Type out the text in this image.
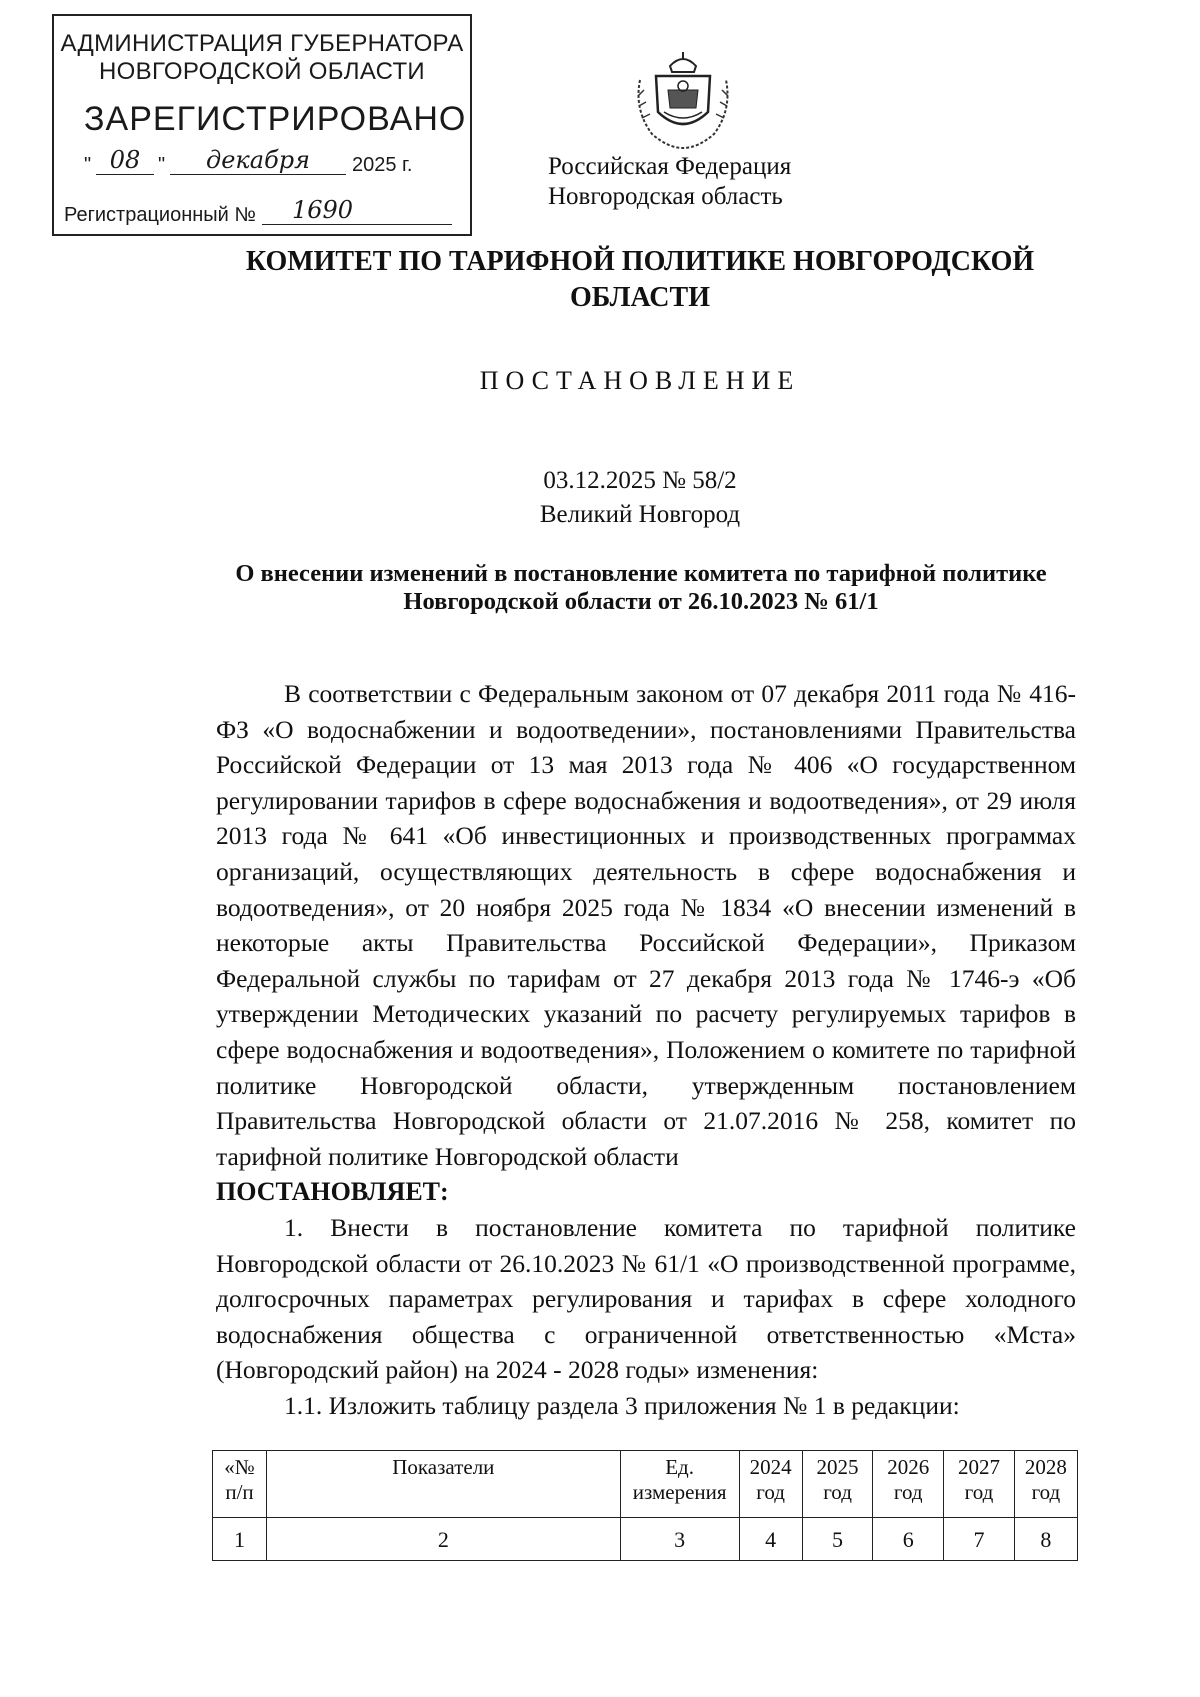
АДМИНИСТРАЦИЯ ГУБЕРНАТОРА
НОВГОРОДСКОЙ ОБЛАСТИ
ЗАРЕГИСТРИРОВАНО
" 08 "	декабря	2025 г.
Регистрационный №	1690
Российская Федерация
Новгородская область
КОМИТЕТ ПО ТАРИФНОЙ ПОЛИТИКЕ НОВГОРОДСКОЙ ОБЛАСТИ
ПОСТАНОВЛЕНИЕ
03.12.2025 № 58/2
Великий Новгород
О внесении изменений в постановление комитета по тарифной политике
Новгородской области от 26.10.2023 № 61/1

В соответствии с Федеральным законом от 07 декабря 2011 года № 416-ФЗ «О водоснабжении и водоотведении», постановлениями Правительства Российской Федерации от 13 мая 2013 года № 406 «О государственном регулировании тарифов в сфере водоснабжения и водоотведения», от 29 июля 2013 года № 641 «Об инвестиционных и производственных программах организаций, осуществляющих деятельность в сфере водоснабжения и водоотведения», от 20 ноября 2025 года № 1834 «О внесении изменений в некоторые акты Правительства Российской Федерации», Приказом Федеральной службы по тарифам от 27 декабря 2013 года № 1746-э «Об утверждении Методических указаний по расчету регулируемых тарифов в сфере водоснабжения и водоотведения», Положением о комитете по тарифной политике Новгородской области, утвержденным постановлением Правительства Новгородской области от 21.07.2016 № 258, комитет по тарифной политике Новгородской области

ПОСТАНОВЛЯЕТ:

1. Внести в постановление комитета по тарифной политике Новгородской области от 26.10.2023 № 61/1 «О производственной программе, долгосрочных параметрах регулирования и тарифах в сфере холодного водоснабжения общества с ограниченной ответственностью «Мста» (Новгородский район) на 2024 - 2028 годы» изменения:

1.1. Изложить таблицу раздела 3 приложения № 1 в редакции:

«№ п/п	Показатели	Ед. измерения	2024 год	2025 год	2026 год	2027 год	2028 год
1	2	3	4	5	6	7	8
